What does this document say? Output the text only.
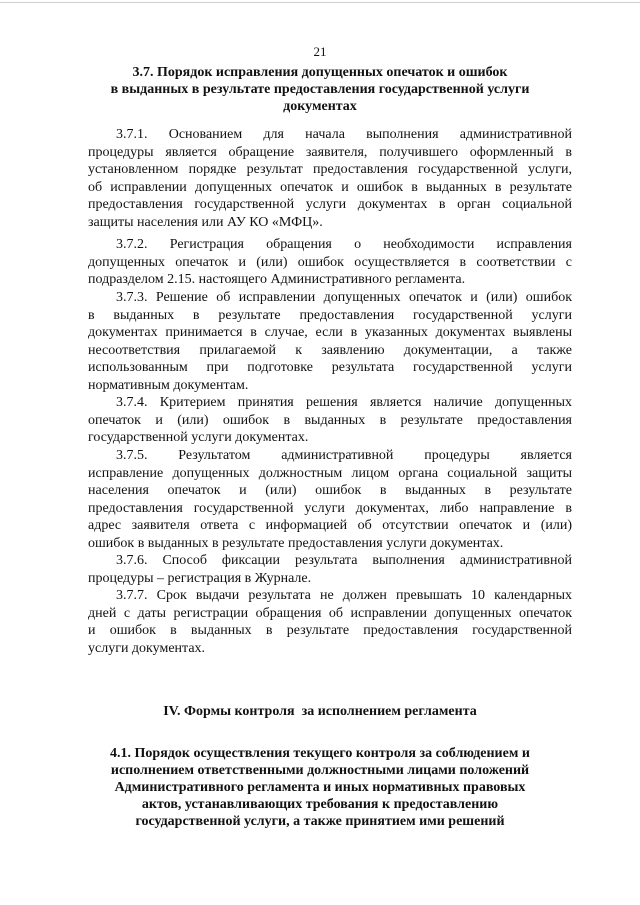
21
3.7. Порядок исправления допущенных опечаток и ошибок
в выданных в результате предоставления государственной услуги
документах
3.7.1. Основанием для начала выполнения административной
процедуры является обращение заявителя, получившего оформленный в
установленном порядке результат предоставления государственной услуги,
об исправлении допущенных опечаток и ошибок в выданных в результате
предоставления государственной услуги документах в орган социальной
защиты населения или АУ КО «МФЦ».
3.7.2. Регистрация обращения о необходимости исправления
допущенных опечаток и (или) ошибок осуществляется в соответствии с
подразделом 2.15. настоящего Административного регламента.
3.7.3. Решение об исправлении допущенных опечаток и (или) ошибок
в выданных в результате предоставления государственной услуги
документах принимается в случае, если в указанных документах выявлены
несоответствия прилагаемой к заявлению документации, а также
использованным при подготовке результата государственной услуги
нормативным документам.
3.7.4. Критерием принятия решения является наличие допущенных
опечаток и (или) ошибок в выданных в результате предоставления
государственной услуги документах.
3.7.5. Результатом административной процедуры является
исправление допущенных должностным лицом органа социальной защиты
населения опечаток и (или) ошибок в выданных в результате
предоставления государственной услуги документах, либо направление в
адрес заявителя ответа с информацией об отсутствии опечаток и (или)
ошибок в выданных в результате предоставления услуги документах.
3.7.6. Способ фиксации результата выполнения административной
процедуры – регистрация в Журнале.
3.7.7. Срок выдачи результата не должен превышать 10 календарных
дней с даты регистрации обращения об исправлении допущенных опечаток
и ошибок в выданных в результате предоставления государственной
услуги документах.
IV. Формы контроля  за исполнением регламента
4.1. Порядок осуществления текущего контроля за соблюдением и
исполнением ответственными должностными лицами положений
Административного регламента и иных нормативных правовых
актов, устанавливающих требования к предоставлению
государственной услуги, а также принятием ими решений
